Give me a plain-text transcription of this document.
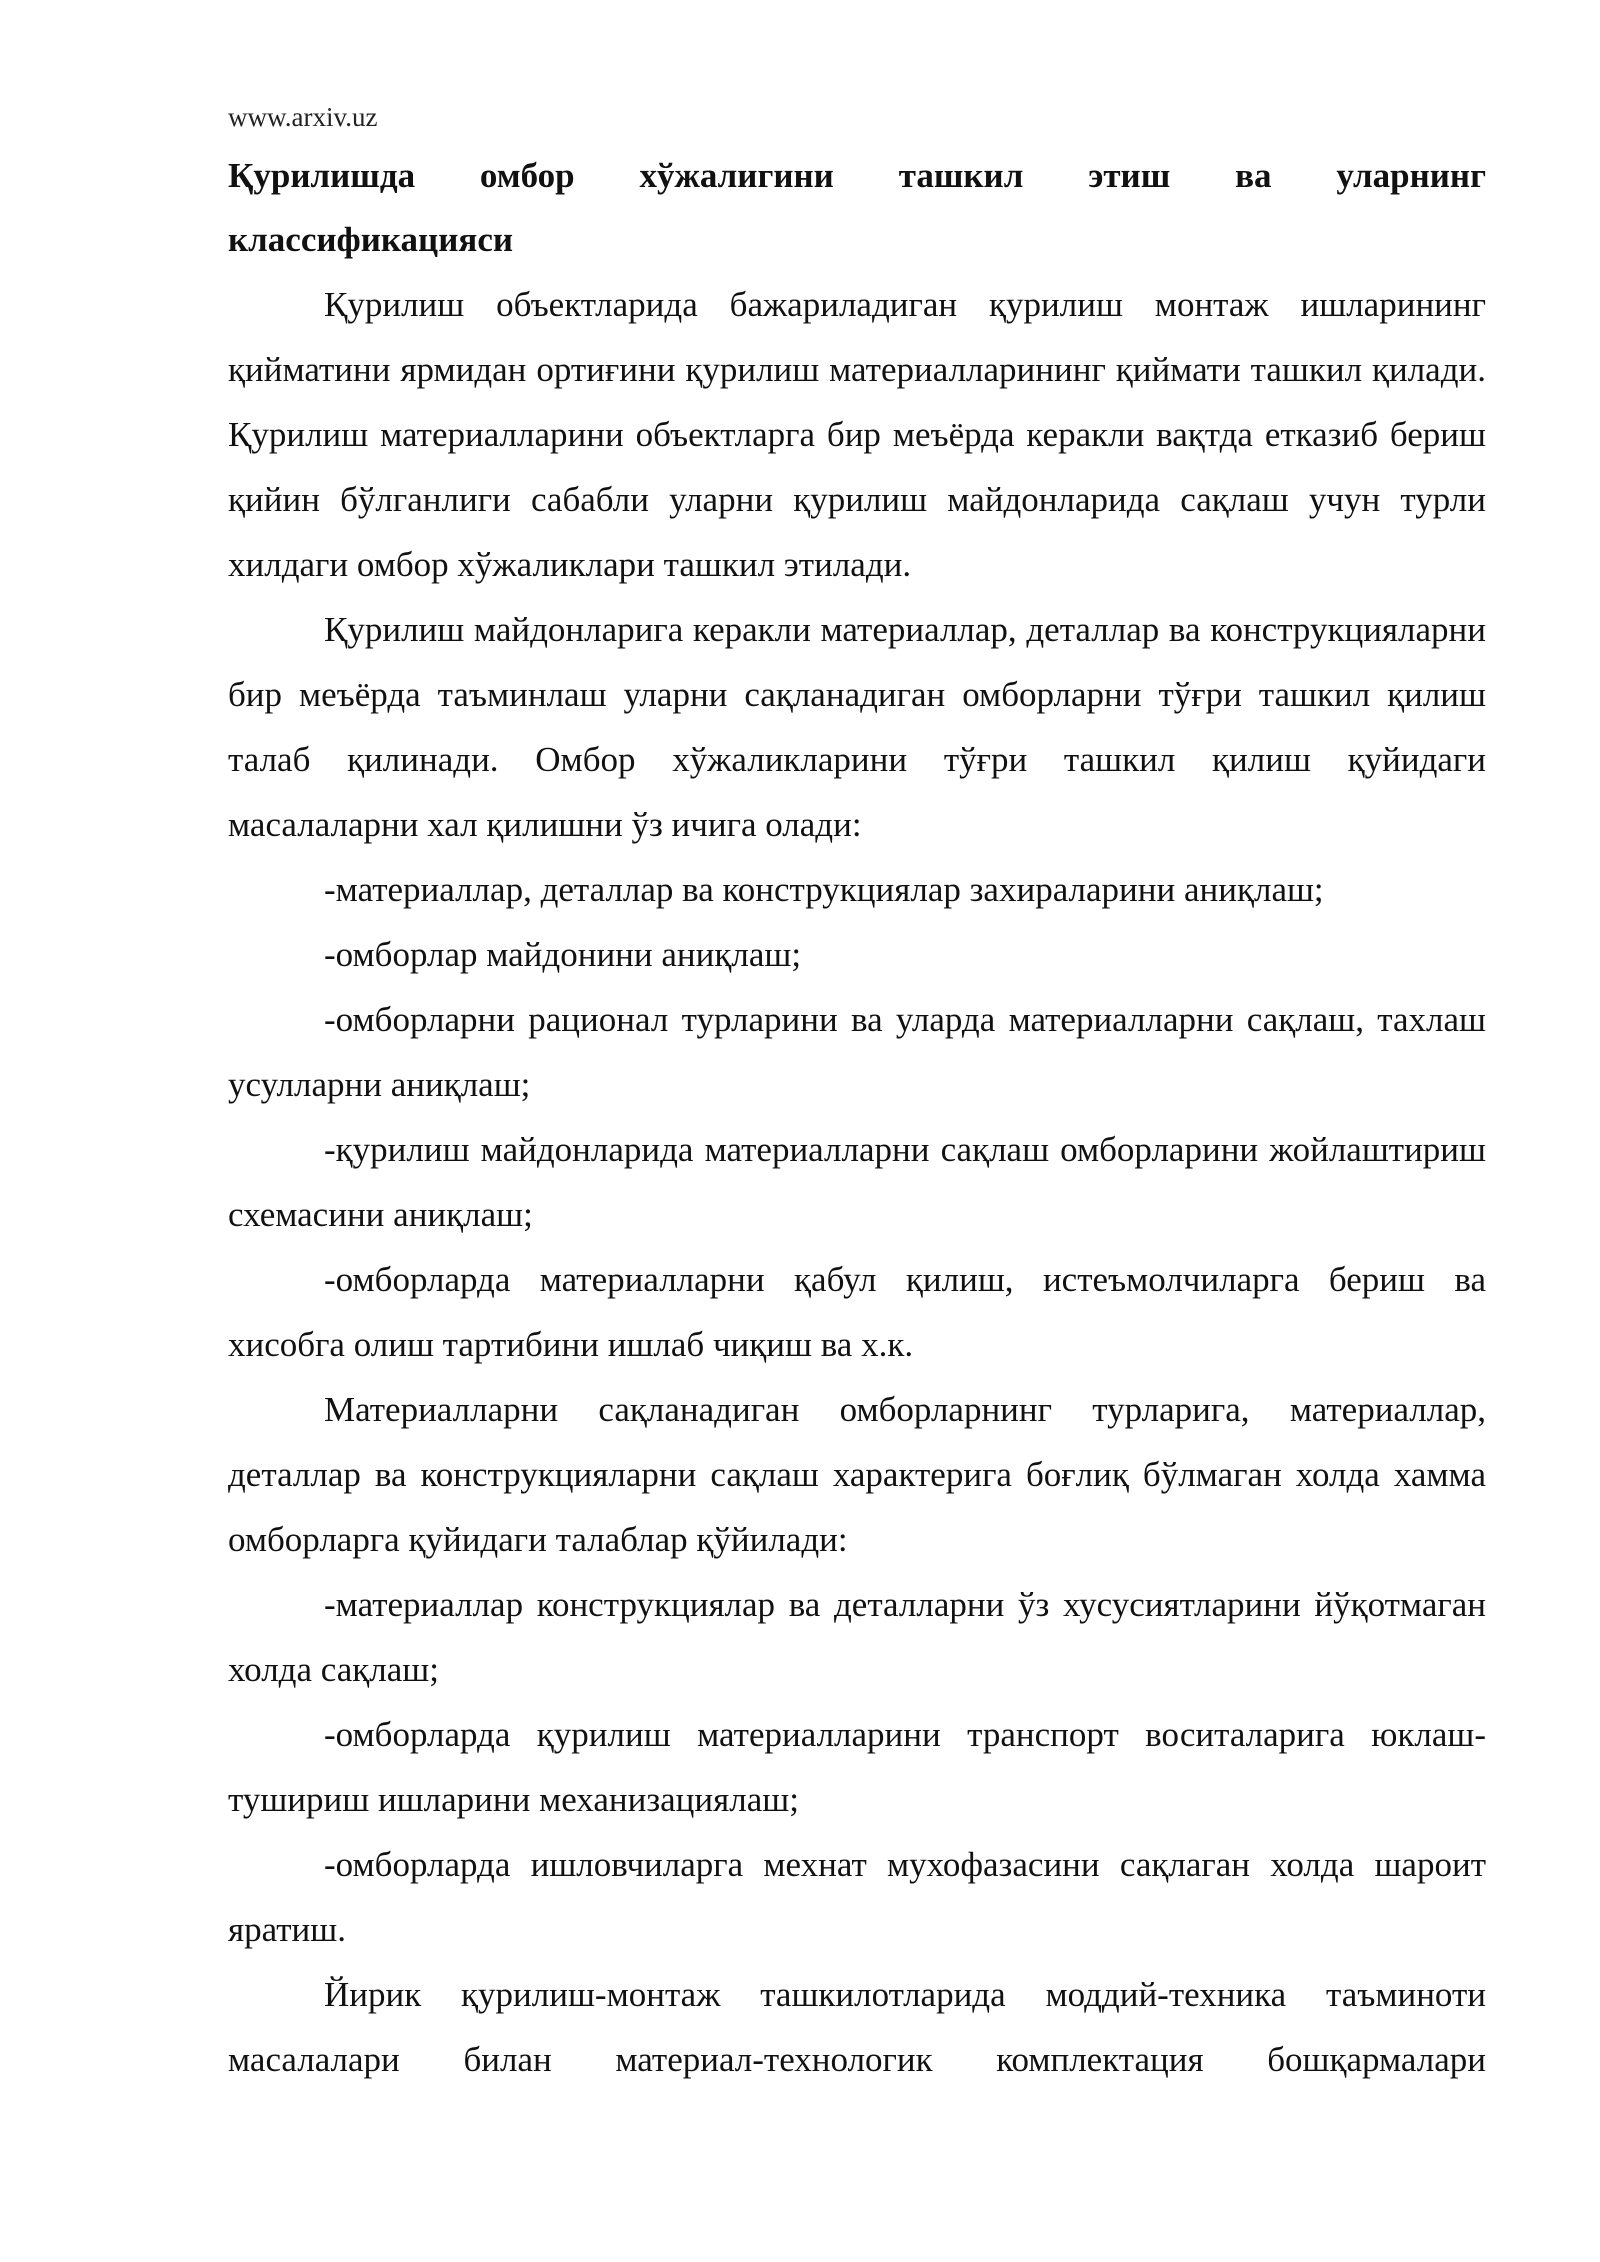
www.arxiv.uz
Қурилишда омбор хўжалигини ташкил этиш ва уларнинг
классификацияси

Қурилиш объектларида бажариладиган қурилиш монтаж ишларининг қийматини ярмидан ортиғини қурилиш материалларининг қиймати ташкил қилади. Қурилиш материалларини объектларга бир меъёрда керакли вақтда етказиб бериш қийин бўлганлиги сабабли уларни қурилиш майдонларида сақлаш учун турли хилдаги омбор хўжаликлари ташкил этилади.

Қурилиш майдонларига керакли материаллар, деталлар ва конструкцияларни бир меъёрда таъминлаш уларни сақланадиган омборларни тўғри ташкил қилиш талаб қилинади. Омбор хўжаликларини тўғри ташкил қилиш қуйидаги масалаларни хал қилишни ўз ичига олади:

-материаллар, деталлар ва конструкциялар захираларини аниқлаш;

-омборлар майдонини аниқлаш;

-омборларни рационал турларини ва уларда материалларни сақлаш, тахлаш усулларни аниқлаш;

-қурилиш майдонларида материалларни сақлаш омборларини жойлаштириш схемасини аниқлаш;

-омборларда материалларни қабул қилиш, истеъмолчиларга бериш ва хисобга олиш тартибини ишлаб чиқиш ва х.к.

Материалларни сақланадиган омборларнинг турларига, материаллар, деталлар ва конструкцияларни сақлаш характерига боғлиқ бўлмаган холда хамма омборларга қуйидаги талаблар қўйилади:

-материаллар конструкциялар ва деталларни ўз хусусиятларини йўқотмаган холда сақлаш;

-омборларда қурилиш материалларини транспорт воситаларига юклаш-тушириш ишларини механизациялаш;

-омборларда ишловчиларга мехнат мухофазасини сақлаган холда шароит яратиш.

Йирик қурилиш-монтаж ташкилотларида моддий-техника таъминоти масалалари билан материал-технологик комплектация бошқармалари
